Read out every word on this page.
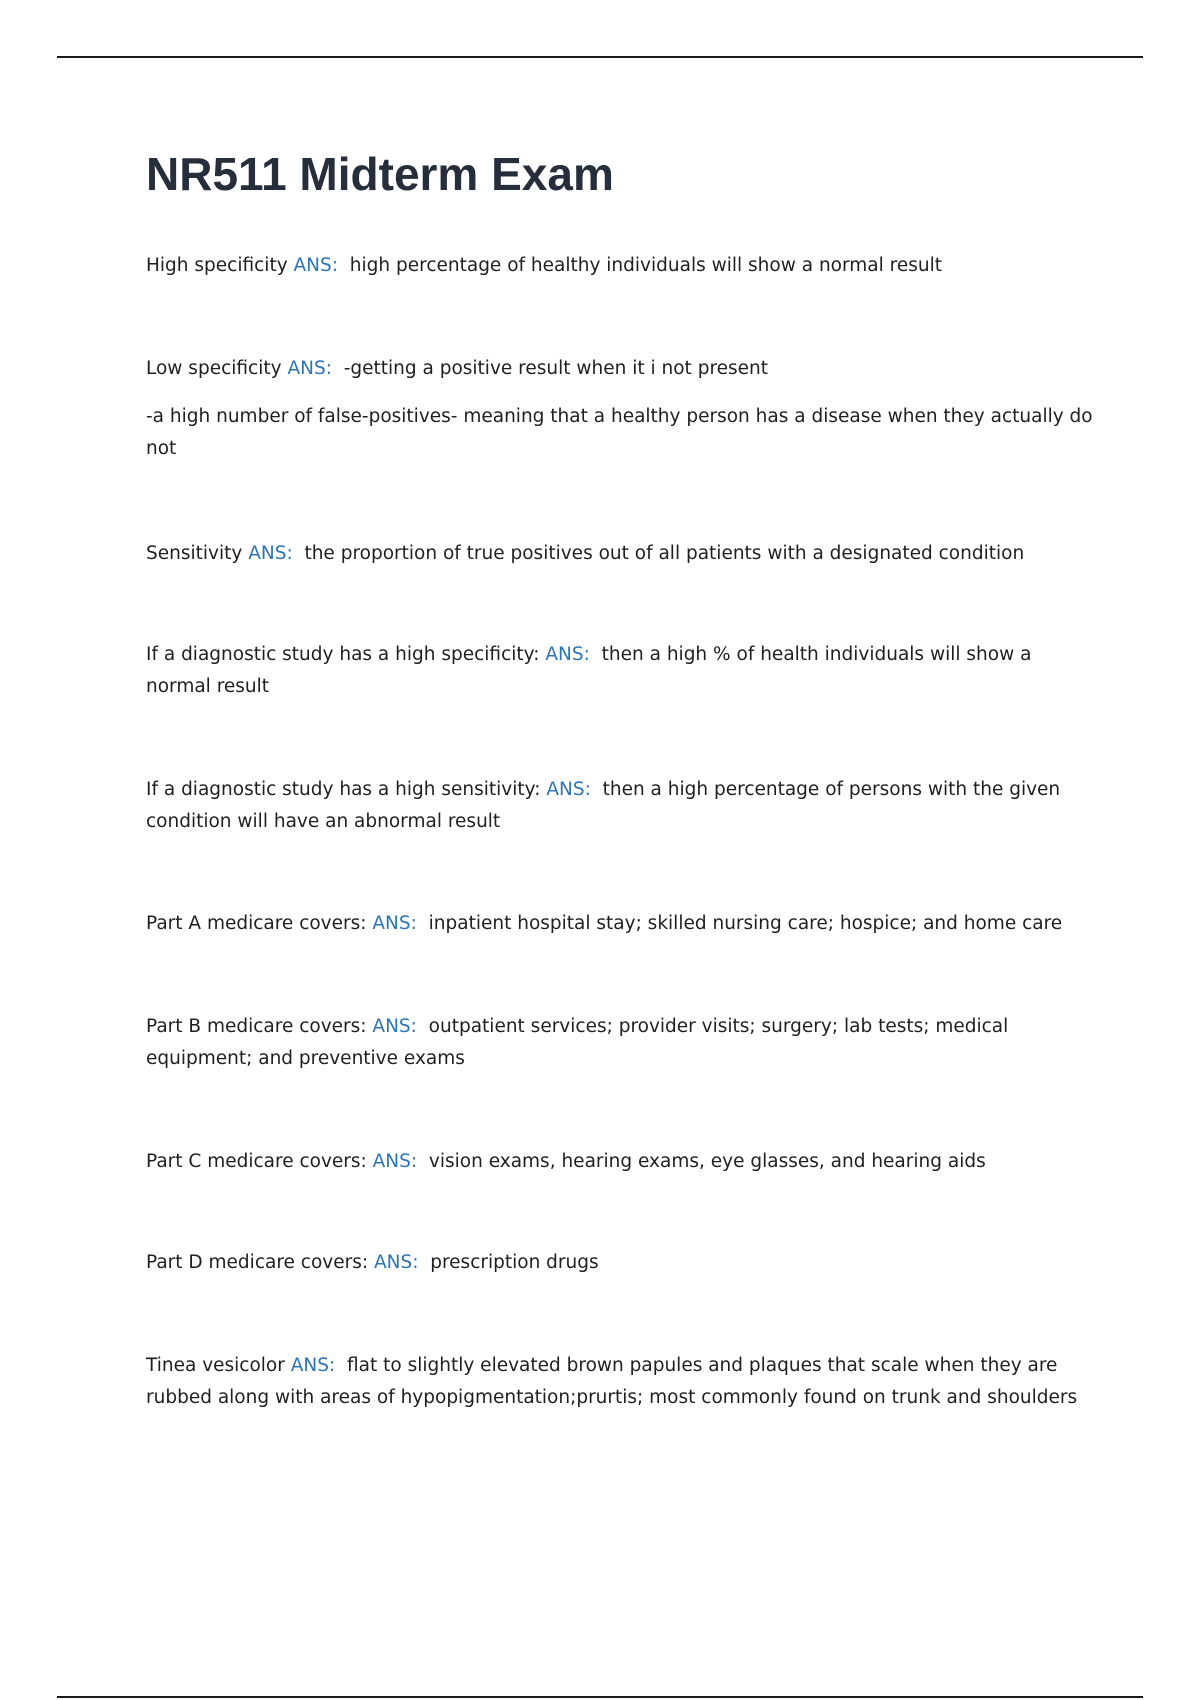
NR511 Midterm Exam

High specificity ANS: high percentage of healthy individuals will show a normal result

Low specificity ANS: -getting a positive result when it i not present

-a high number of false-positives- meaning that a healthy person has a disease when they actually do not

Sensitivity ANS: the proportion of true positives out of all patients with a designated condition

If a diagnostic study has a high specificity: ANS: then a high % of health individuals will show a normal result

If a diagnostic study has a high sensitivity: ANS: then a high percentage of persons with the given condition will have an abnormal result

Part A medicare covers: ANS: inpatient hospital stay; skilled nursing care; hospice; and home care

Part B medicare covers: ANS: outpatient services; provider visits; surgery; lab tests; medical equipment; and preventive exams

Part C medicare covers: ANS: vision exams, hearing exams, eye glasses, and hearing aids

Part D medicare covers: ANS: prescription drugs

Tinea vesicolor ANS: flat to slightly elevated brown papules and plaques that scale when they are rubbed along with areas of hypopigmentation;prurtis; most commonly found on trunk and shoulders
